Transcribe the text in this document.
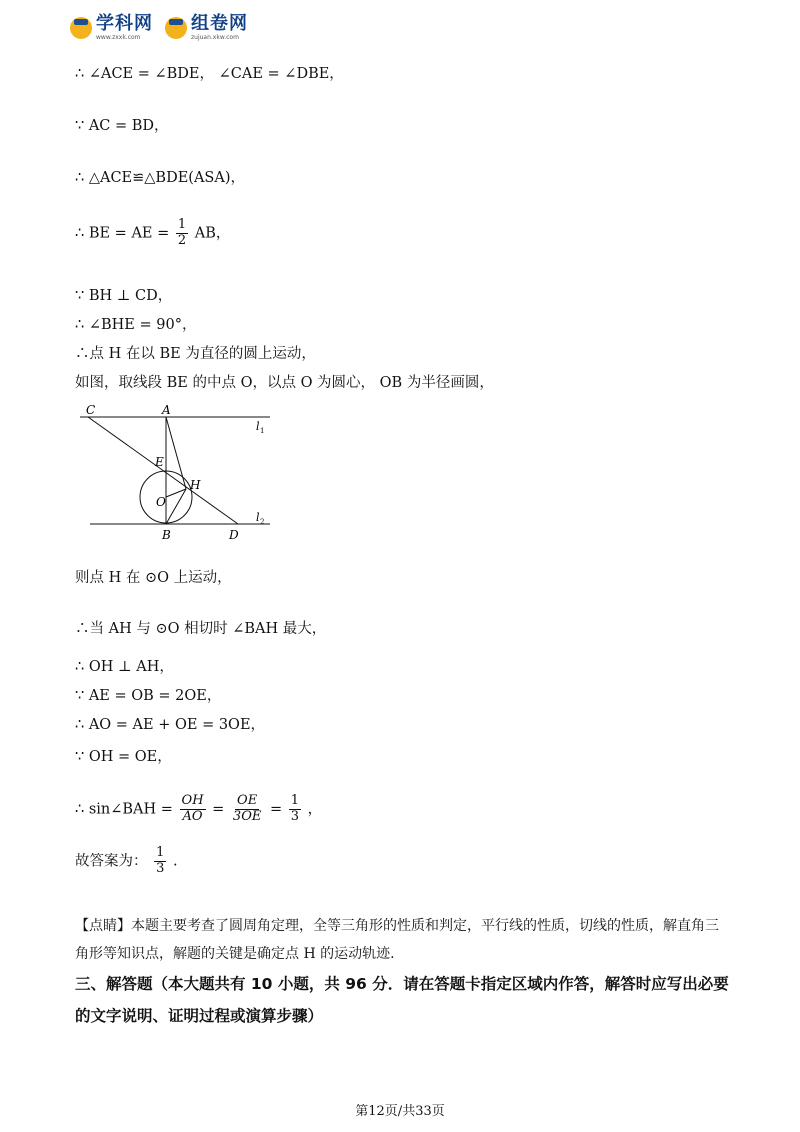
学科网
www.zxxk.com
组卷网
zujuan.xkw.com
∴ ∠ACE = ∠BDE， ∠CAE = ∠DBE，
∵ AC = BD，
∴ △ACE≌△BDE(ASA)，
∴ BE = AE = $\frac{1}{2}$ AB，
∵ BH ⊥ CD，
∴ ∠BHE = 90°，
∴点 H 在以 BE 为直径的圆上运动，
如图，取线段 BE 的中点 O，以点 O 为圆心， OB 为半径画圆，
C	A
l 1
E
H
O
l 2
B	D
则点 H 在 ⊙O 上运动，
∴当 AH 与 ⊙O 相切时 ∠BAH 最大，
∴ OH ⊥ AH，
∵ AE = OB = 2OE，
∴ AO = AE + OE = 3OE，
∵ OH = OE，
∴ sin∠BAH = $\frac{OH}{AO} = \frac{OE}{3OE} = \frac{1}{3}$ ，
故答案为： $\frac{1}{3}$ .
【点睛】本题主要考查了圆周角定理，全等三角形的性质和判定，平行线的性质，切线的性质，解直角三角形等知识点，解题的关键是确定点 H 的运动轨迹.
三、解答题（本大题共有 10 小题，共 96 分．请在答题卡指定区域内作答，解答时应写出必要的文字说明、证明过程或演算步骤）
第12页/共33页
